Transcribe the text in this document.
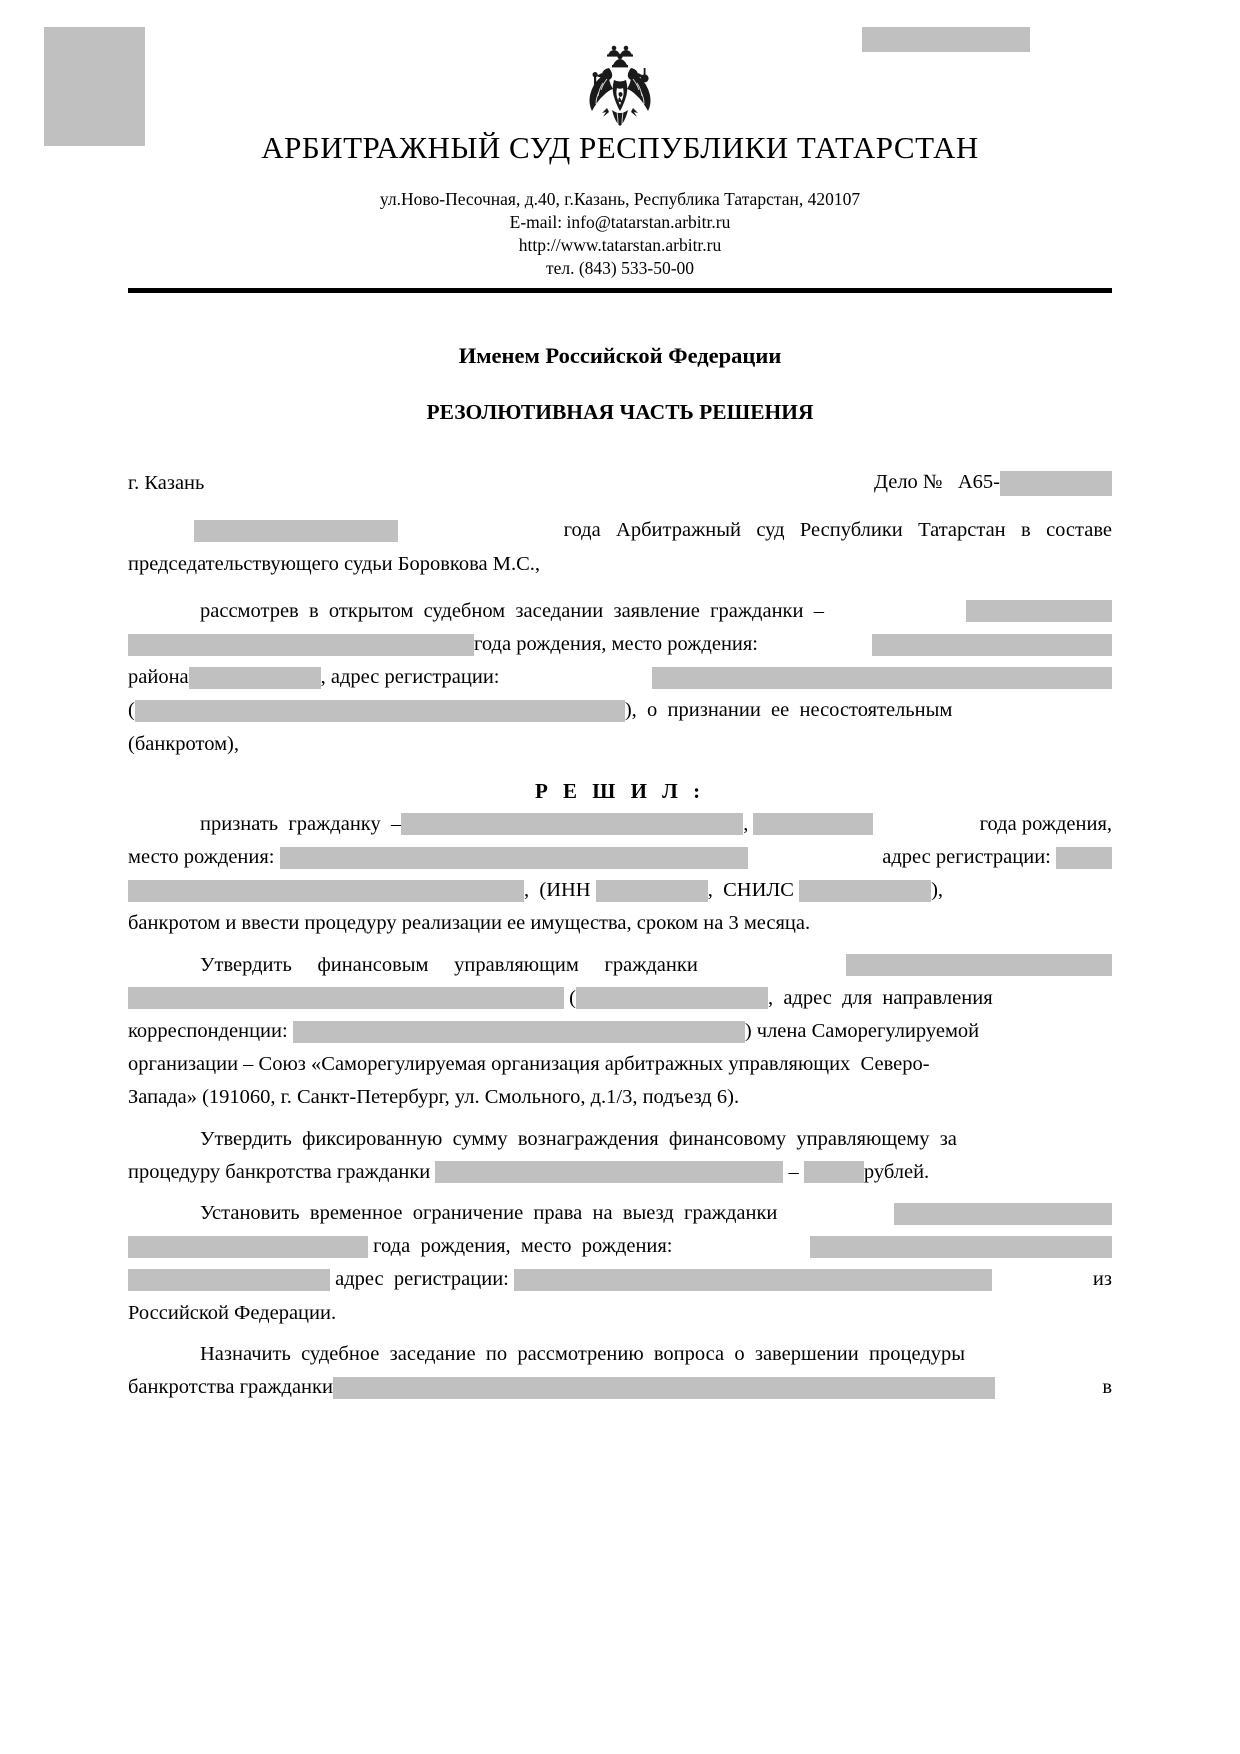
АРБИТРАЖНЫЙ СУД РЕСПУБЛИКИ ТАТАРСТАН
ул.Ново-Песочная, д.40, г.Казань, Республика Татарстан, 420107
E-mail: info@tatarstan.arbitr.ru
http://www.tatarstan.arbitr.ru
тел. (843) 533-50-00
Именем Российской Федерации
РЕЗОЛЮТИВНАЯ ЧАСТЬ РЕШЕНИЯ
г. Казань	Дело № А65-

года   Арбитражный   суд   Республики   Татарстан   в   составе
председательствующего судьи Боровкова М.С.,

рассмотрев  в  открытом  судебном  заседании  заявление  гражданки  –
года рождения, место рождения:
района	, адрес регистрации:
(	),  о  признании  ее  несостоятельным
(банкротом),
Р Е Ш И Л :

признать  гражданку  –	,
	года рождения,
место рождения:
	адрес регистрации:

,  (ИНН
	,  СНИЛС
	),
банкротом и ввести процедуру реализации ее имущества, сроком на 3 месяца.

Утвердить     финансовым     управляющим     гражданки

(	,  адрес  для  направления
корреспонденции:
	) члена Саморегулируемой
организации – Союз «Саморегулируемая организация арбитражных управляющих  Северо-
Запада» (191060, г. Санкт-Петербург, ул. Смольного, д.1/3, подъезд 6).

Утвердить  фиксированную  сумму  вознаграждения  финансовому  управляющему  за
процедуру банкротства гражданки

	–
	рублей.

Установить  временное  ограничение  права  на  выезд  гражданки

года  рождения,  место  рождения:

адрес  регистрации:
	из
Российской Федерации.

Назначить  судебное  заседание  по  рассмотрению  вопроса  о  завершении  процедуры
банкротства гражданки	в
